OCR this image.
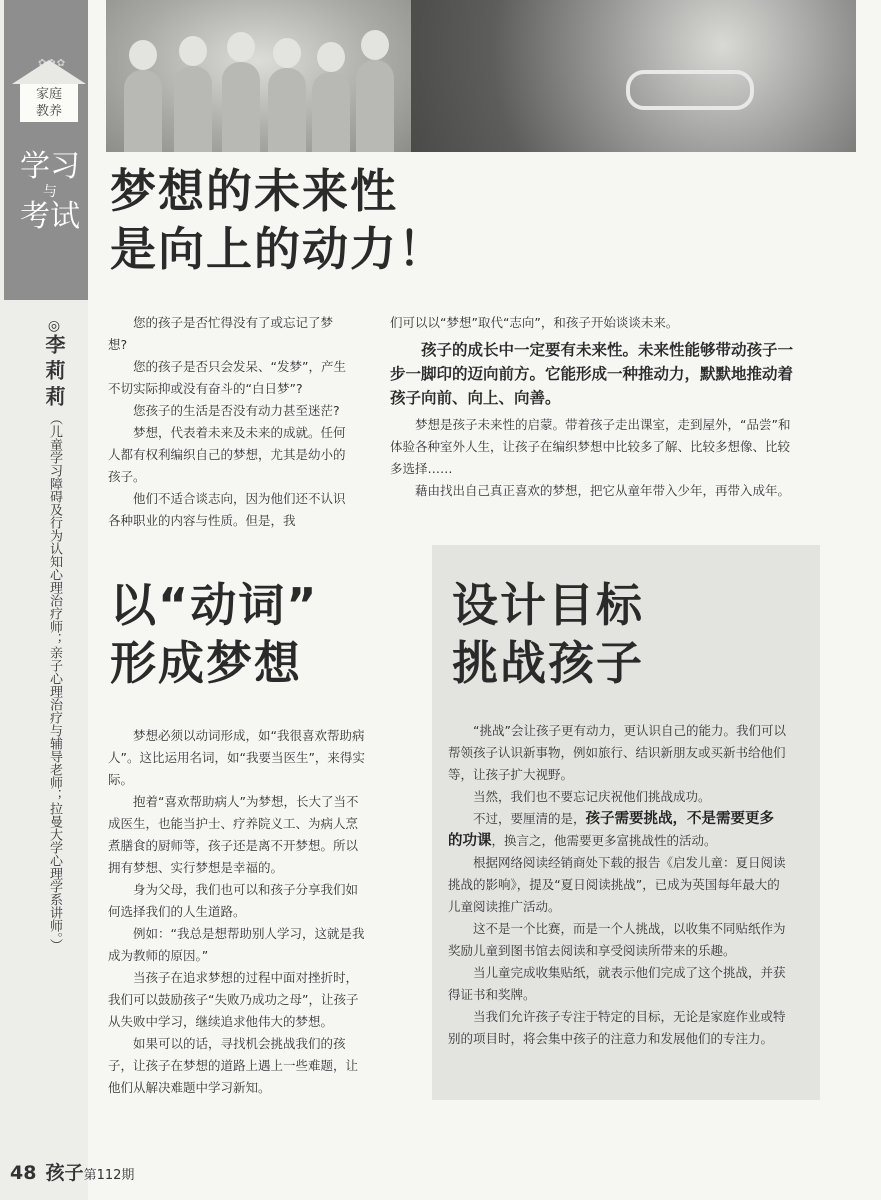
✿✿✿
家庭
教养
学习
与
考试
◎李莉莉（儿童学习障碍及行为认知心理治疗师；亲子心理治疗与辅导老师；拉曼大学心理学系讲师。）
梦想的未来性
是向上的动力！

您的孩子是否忙得没有了或忘记了梦想?

您的孩子是否只会发呆、“发梦”，产生不切实际抑或没有奋斗的“白日梦”?

您孩子的生活是否没有动力甚至迷茫?

梦想，代表着未来及未来的成就。任何人都有权利编织自己的梦想，尤其是幼小的孩子。

他们不适合谈志向，因为他们还不认识各种职业的内容与性质。但是，我

们可以以“梦想”取代“志向”，和孩子开始谈谈未来。

孩子的成长中一定要有未来性。未来性能够带动孩子一步一脚印的迈向前方。它能形成一种推动力，默默地推动着孩子向前、向上、向善。

梦想是孩子未来性的启蒙。带着孩子走出课室，走到屋外，“品尝”和体验各种室外人生，让孩子在编织梦想中比较多了解、比较多想像、比较多选择……

藉由找出自己真正喜欢的梦想，把它从童年带入少年，再带入成年。

以“动词”
形成梦想
设计目标
挑战孩子

梦想必须以动词形成，如“我很喜欢帮助病人”。这比运用名词，如“我要当医生”，来得实际。

抱着“喜欢帮助病人”为梦想，长大了当不成医生，也能当护士、疗养院义工、为病人烹煮膳食的厨师等，孩子还是离不开梦想。所以拥有梦想、实行梦想是幸福的。

身为父母，我们也可以和孩子分享我们如何选择我们的人生道路。

例如：“我总是想帮助别人学习，这就是我成为教师的原因。”

当孩子在追求梦想的过程中面对挫折时，我们可以鼓励孩子“失败乃成功之母”，让孩子从失败中学习，继续追求他伟大的梦想。

如果可以的话，寻找机会挑战我们的孩子，让孩子在梦想的道路上遇上一些难题，让他们从解决难题中学习新知。

“挑战”会让孩子更有动力，更认识自己的能力。我们可以帮领孩子认识新事物，例如旅行、结识新朋友或买新书给他们等，让孩子扩大视野。

当然，我们也不要忘记庆祝他们挑战成功。

不过，要厘清的是，孩子需要挑战，不是需要更多的功课，换言之，他需要更多富挑战性的活动。

根据网络阅读经销商处下载的报告《启发儿童：夏日阅读挑战的影响》，提及“夏日阅读挑战”，已成为英国每年最大的儿童阅读推广活动。

这不是一个比赛，而是一个人挑战，以收集不同贴纸作为奖励儿童到图书馆去阅读和享受阅读所带来的乐趣。

当儿童完成收集贴纸，就表示他们完成了这个挑战，并获得证书和奖牌。

当我们允许孩子专注于特定的目标，无论是家庭作业或特别的项目时，将会集中孩子的注意力和发展他们的专注力。

48 孩子第112期
